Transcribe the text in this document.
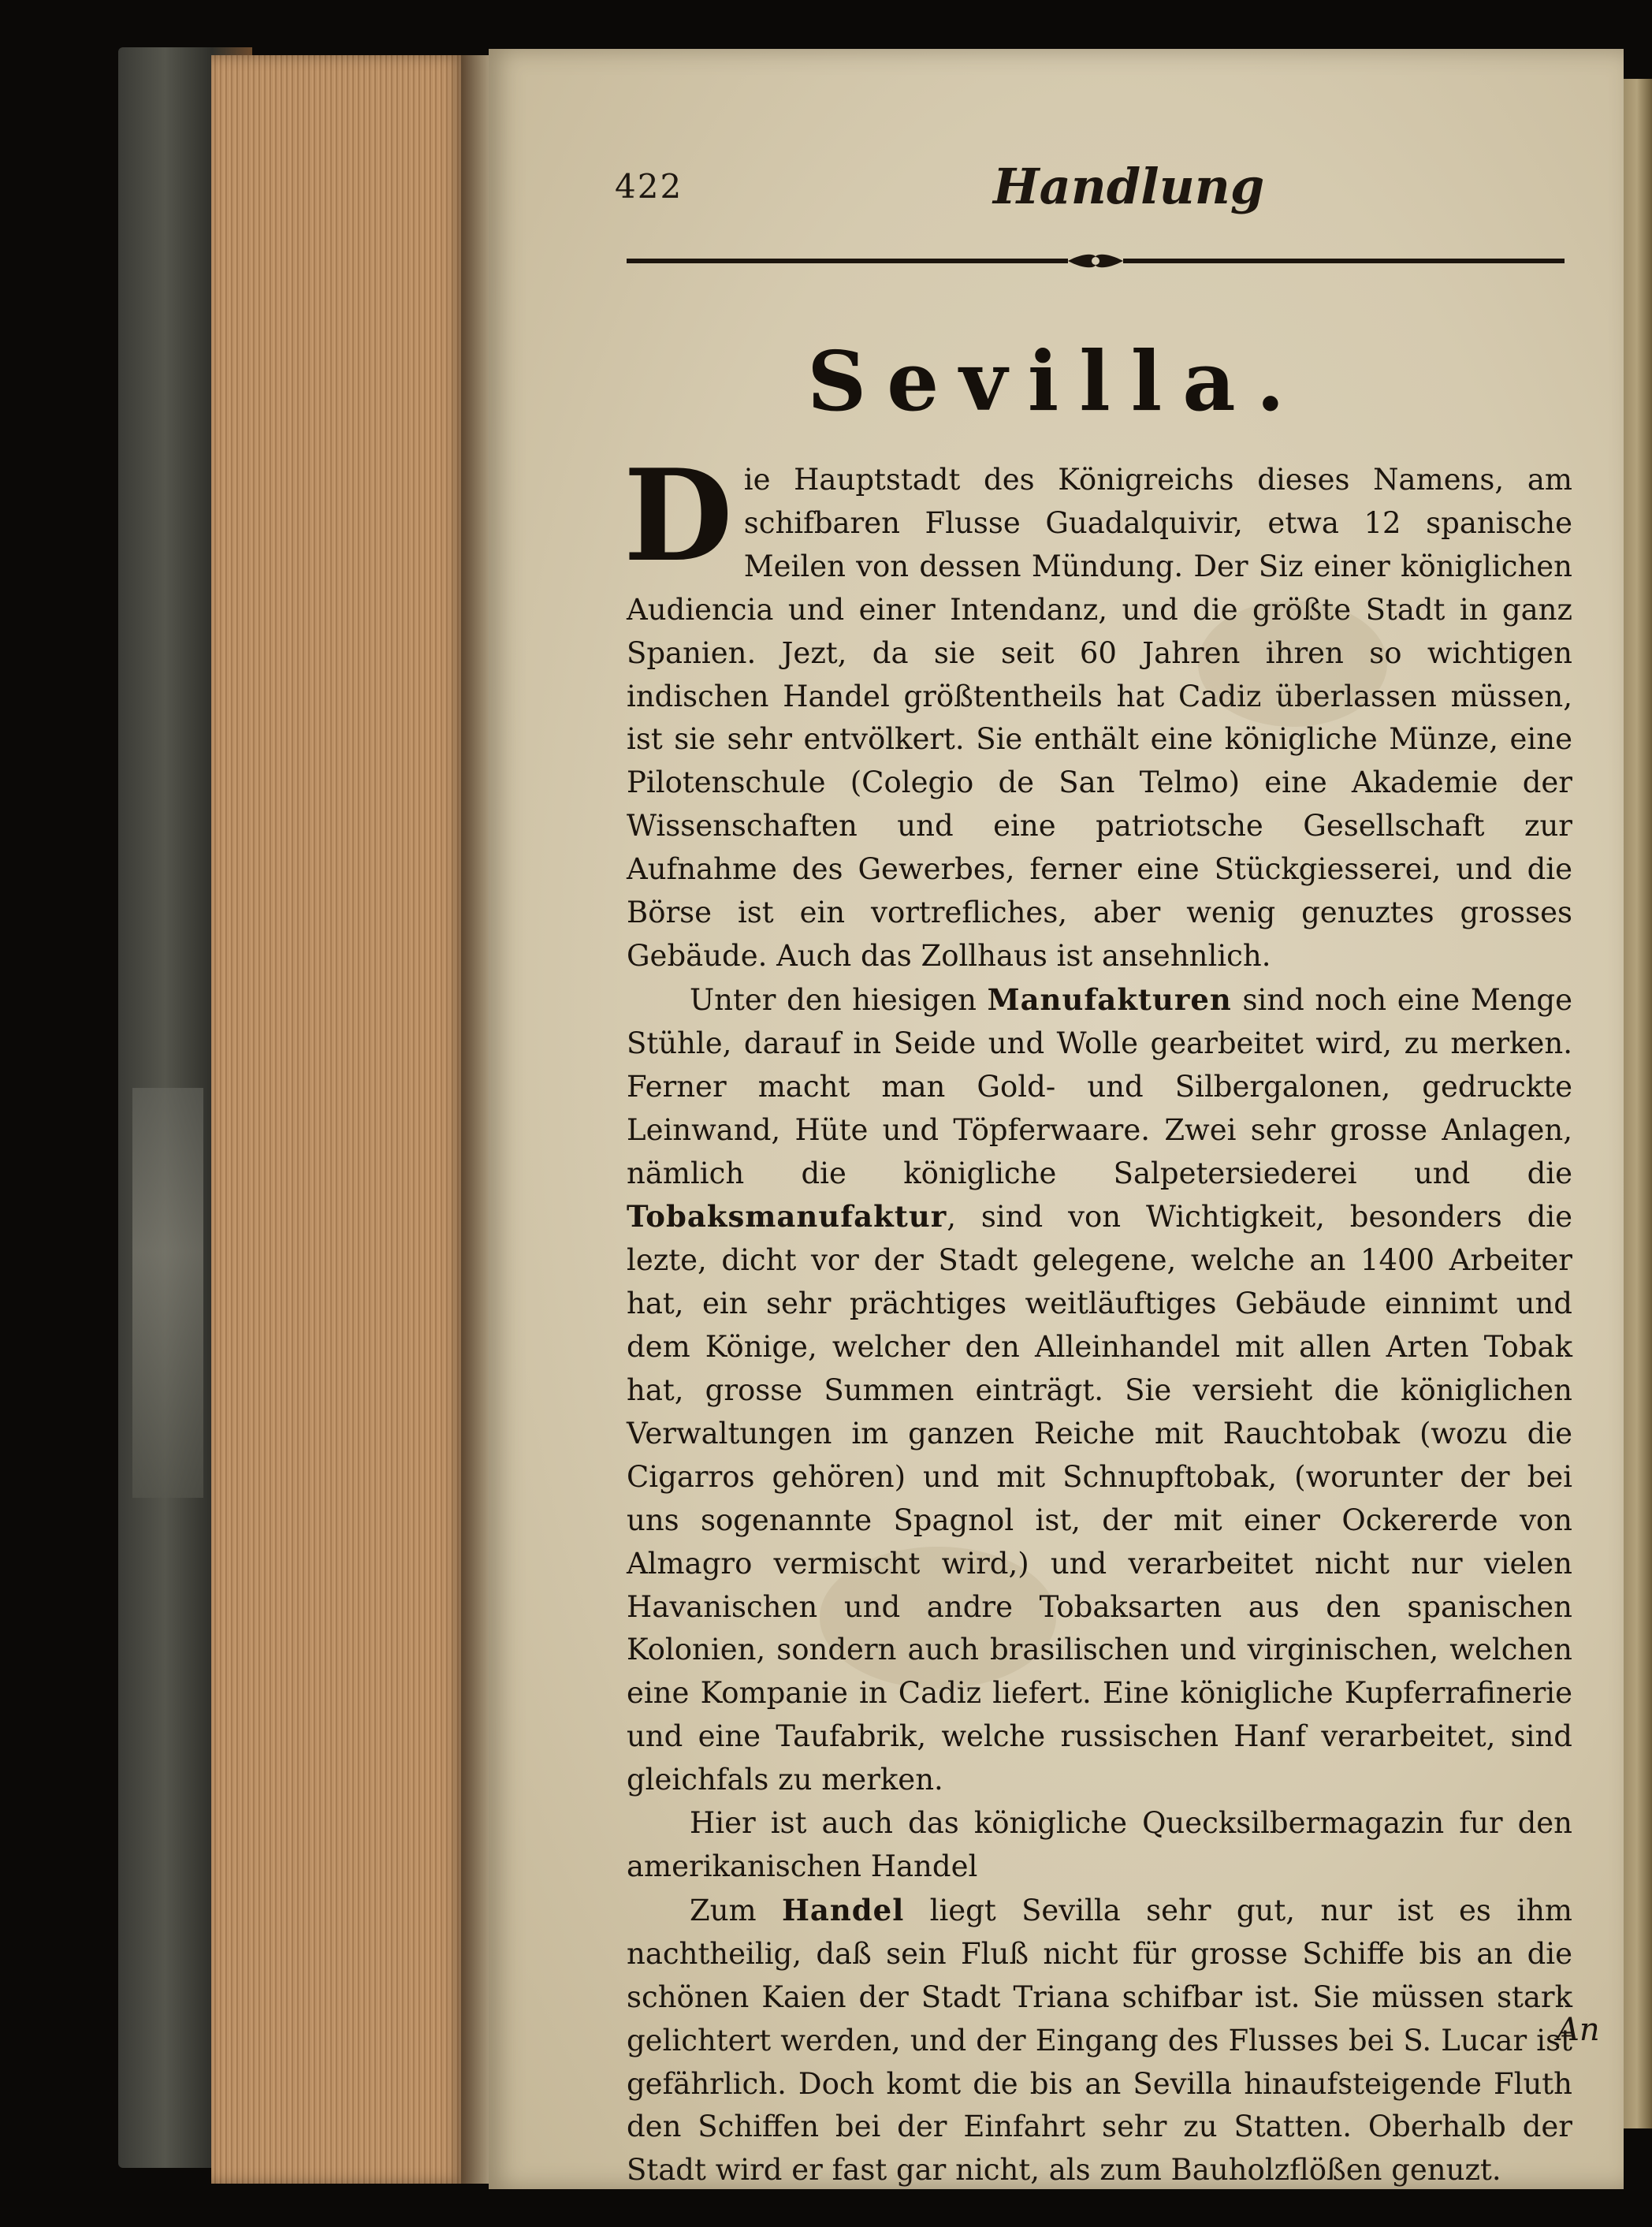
422	Handlung
Sevilla.

Die Hauptstadt des Königreichs dieses Namens, am schifbaren Flusse Guadalquivir, etwa 12 spanische Meilen von dessen Mündung. Der Siz einer königlichen Audiencia und einer Intendanz, und die größte Stadt in ganz Spanien. Jezt, da sie seit 60 Jahren ihren so wichtigen indischen Handel größtentheils hat Cadiz überlassen müssen, ist sie sehr entvölkert. Sie enthält eine königliche Münze, eine Pilotenschule (Colegio de San Telmo) eine Akademie der Wissenschaften und eine patriotsche Gesellschaft zur Aufnahme des Gewerbes, ferner eine Stückgiesserei, und die Börse ist ein vortrefliches, aber wenig genuztes grosses Gebäude. Auch das Zollhaus ist ansehnlich.

Unter den hiesigen Manufakturen sind noch eine Menge Stühle, darauf in Seide und Wolle gearbeitet wird, zu merken. Ferner macht man Gold- und Silbergalonen, gedruckte Leinwand, Hüte und Töpferwaare. Zwei sehr grosse Anlagen, nämlich die königliche Salpetersiederei und die Tobaksmanufaktur, sind von Wichtigkeit, besonders die lezte, dicht vor der Stadt gelegene, welche an 1400 Arbeiter hat, ein sehr prächtiges weitläuftiges Gebäude einnimt und dem Könige, welcher den Alleinhandel mit allen Arten Tobak hat, grosse Summen einträgt. Sie versieht die königlichen Verwaltungen im ganzen Reiche mit Rauchtobak (wozu die Cigarros gehören) und mit Schnupftobak, (worunter der bei uns sogenannte Spagnol ist, der mit einer Ockererde von Almagro vermischt wird,) und verarbeitet nicht nur vielen Havanischen und andre Tobaksarten aus den spanischen Kolonien, sondern auch brasilischen und virginischen, welchen eine Kompanie in Cadiz liefert. Eine königliche Kupferrafinerie und eine Taufabrik, welche russischen Hanf verarbeitet, sind gleichfals zu merken.

Hier ist auch das königliche Quecksilbermagazin fur den amerikanischen Handel

Zum Handel liegt Sevilla sehr gut, nur ist es ihm nachtheilig, daß sein Fluß nicht für grosse Schiffe bis an die schönen Kaien der Stadt Triana schifbar ist. Sie müssen stark gelichtert werden, und der Eingang des Flusses bei S. Lucar ist gefährlich. Doch komt die bis an Sevilla hinaufsteigende Fluth den Schiffen bei der Einfahrt sehr zu Statten. Oberhalb der Stadt wird er fast gar nicht, als zum Bauholzflößen genuzt.

An
